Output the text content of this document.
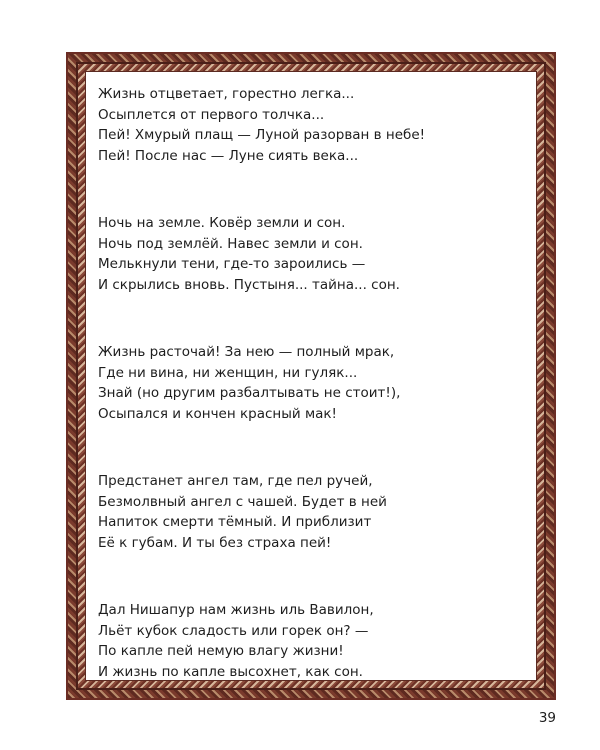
Жизнь отцветает, горестно легка...
Осыплется от первого толчка...
Пей! Хмурый плащ — Луной разорван в небе!
Пей! После нас — Луне сиять века...
Ночь на земле. Ковёр земли и сон.
Ночь под землёй. Навес земли и сон.
Мелькнули тени, где-то зароились —
И скрылись вновь. Пустыня... тайна... сон.
Жизнь расточай! За нею — полный мрак,
Где ни вина, ни женщин, ни гуляк...
Знай (но другим разбалтывать не стоит!),
Осыпался и кончен красный мак!
Предстанет ангел там, где пел ручей,
Безмолвный ангел с чашей. Будет в ней
Напиток смерти тёмный. И приблизит
Её к губам. И ты без страха пей!
Дал Нишапур нам жизнь иль Вавилон,
Льёт кубок сладость или горек он? —
По капле пей немую влагу жизни!
И жизнь по капле высохнет, как сон.
39
